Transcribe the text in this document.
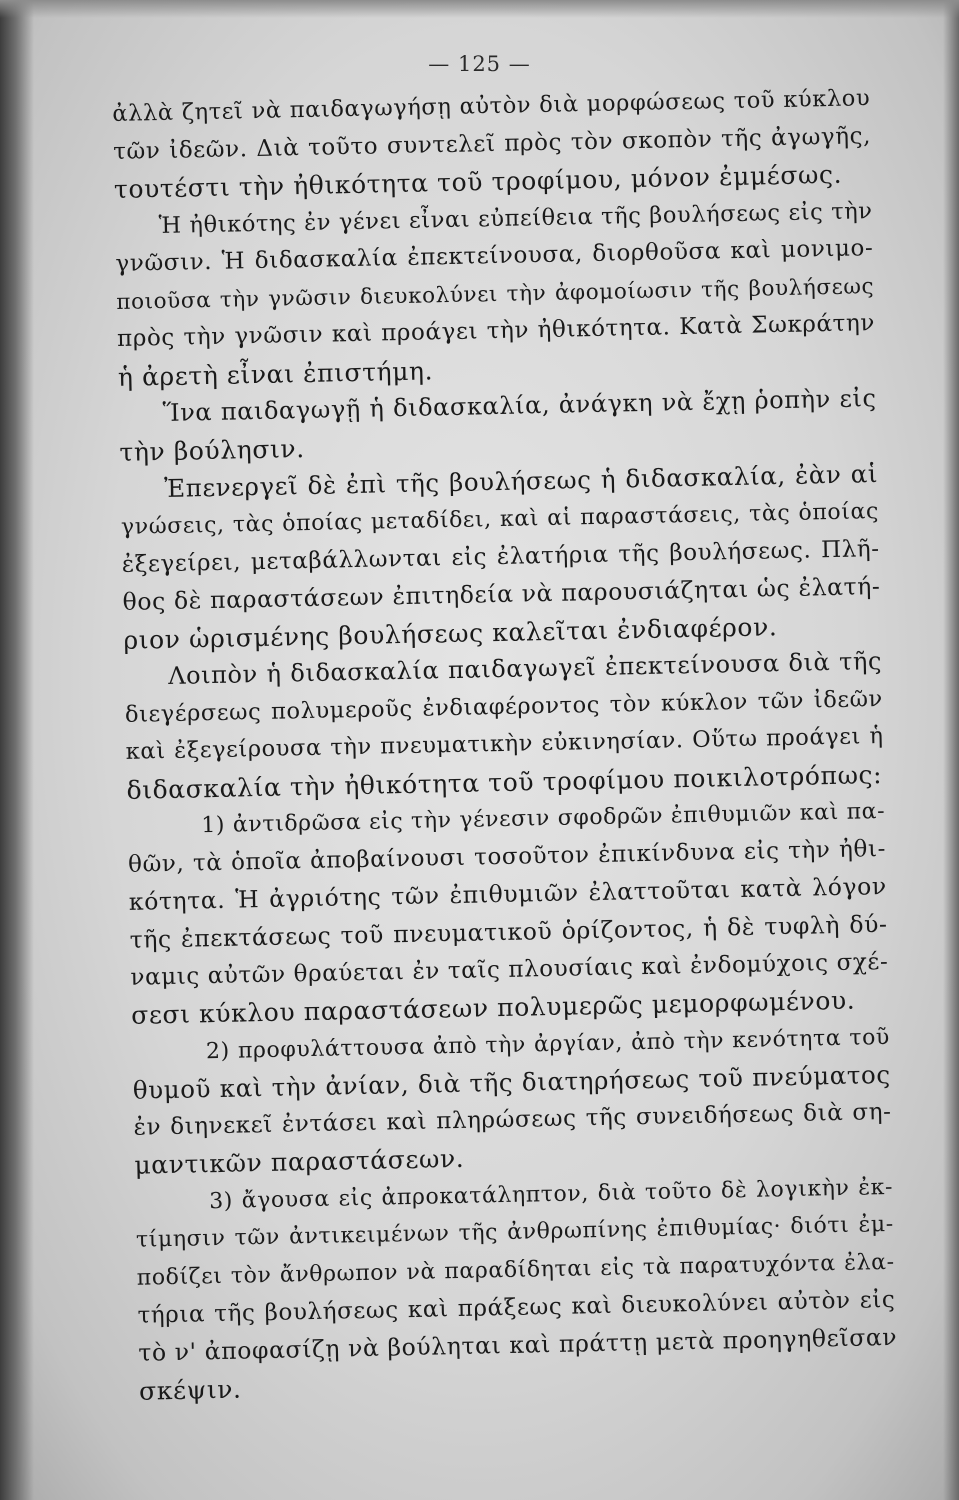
— 125 —
ἀλλὰ ζητεῖ νὰ παιδαγωγήσῃ αὐτὸν διὰ μορφώσεως τοῦ κύκλου
τῶν ἰδεῶν. Διὰ τοῦτο συντελεῖ πρὸς τὸν σκοπὸν τῆς ἀγωγῆς,
τουτέστι τὴν ἠθικότητα τοῦ τροφίμου, μόνον ἐμμέσως.
Ἡ ἠθικότης ἐν γένει εἶναι εὐπείθεια τῆς βουλήσεως εἰς τὴν
γνῶσιν. Ἡ διδασκαλία ἐπεκτείνουσα, διορθοῦσα καὶ μονιμο-
ποιοῦσα τὴν γνῶσιν διευκολύνει τὴν ἀφομοίωσιν τῆς βουλήσεως
πρὸς τὴν γνῶσιν καὶ προάγει τὴν ἠθικότητα. Κατὰ Σωκράτην
ἡ ἀρετὴ εἶναι ἐπιστήμη.
Ἵνα παιδαγωγῇ ἡ διδασκαλία, ἀνάγκη νὰ ἔχῃ ῥοπὴν εἰς
τὴν βούλησιν.
Ἐπενεργεῖ δὲ ἐπὶ τῆς βουλήσεως ἡ διδασκαλία, ἐὰν αἱ
γνώσεις, τὰς ὁποίας μεταδίδει, καὶ αἱ παραστάσεις, τὰς ὁποίας
ἐξεγείρει, μεταβάλλωνται εἰς ἐλατήρια τῆς βουλήσεως. Πλῆ-
θος δὲ παραστάσεων ἐπιτηδεία νὰ παρουσιάζηται ὡς ἐλατή-
ριον ὡρισμένης βουλήσεως καλεῖται ἐνδιαφέρον.
Λοιπὸν ἡ διδασκαλία παιδαγωγεῖ ἐπεκτείνουσα διὰ τῆς
διεγέρσεως πολυμεροῦς ἐνδιαφέροντος τὸν κύκλον τῶν ἰδεῶν
καὶ ἐξεγείρουσα τὴν πνευματικὴν εὐκινησίαν. Οὕτω προάγει ἡ
διδασκαλία τὴν ἠθικότητα τοῦ τροφίμου ποικιλοτρόπως:
1) ἀντιδρῶσα εἰς τὴν γένεσιν σφοδρῶν ἐπιθυμιῶν καὶ πα-
θῶν, τὰ ὁποῖα ἀποβαίνουσι τοσοῦτον ἐπικίνδυνα εἰς τὴν ἠθι-
κότητα. Ἡ ἀγριότης τῶν ἐπιθυμιῶν ἐλαττοῦται κατὰ λόγον
τῆς ἐπεκτάσεως τοῦ πνευματικοῦ ὁρίζοντος, ἡ δὲ τυφλὴ δύ-
ναμις αὐτῶν θραύεται ἐν ταῖς πλουσίαις καὶ ἐνδομύχοις σχέ-
σεσι κύκλου παραστάσεων πολυμερῶς μεμορφωμένου.
2) προφυλάττουσα ἀπὸ τὴν ἀργίαν, ἀπὸ τὴν κενότητα τοῦ
θυμοῦ καὶ τὴν ἀνίαν, διὰ τῆς διατηρήσεως τοῦ πνεύματος
ἐν διηνεκεῖ ἐντάσει καὶ πληρώσεως τῆς συνειδήσεως διὰ ση-
μαντικῶν παραστάσεων.
3) ἄγουσα εἰς ἀπροκατάληπτον, διὰ τοῦτο δὲ λογικὴν ἐκ-
τίμησιν τῶν ἀντικειμένων τῆς ἀνθρωπίνης ἐπιθυμίας· διότι ἐμ-
ποδίζει τὸν ἄνθρωπον νὰ παραδίδηται εἰς τὰ παρατυχόντα ἐλα-
τήρια τῆς βουλήσεως καὶ πράξεως καὶ διευκολύνει αὐτὸν εἰς
τὸ ν' ἀποφασίζῃ νὰ βούληται καὶ πράττῃ μετὰ προηγηθεῖσαν
σκέψιν.
